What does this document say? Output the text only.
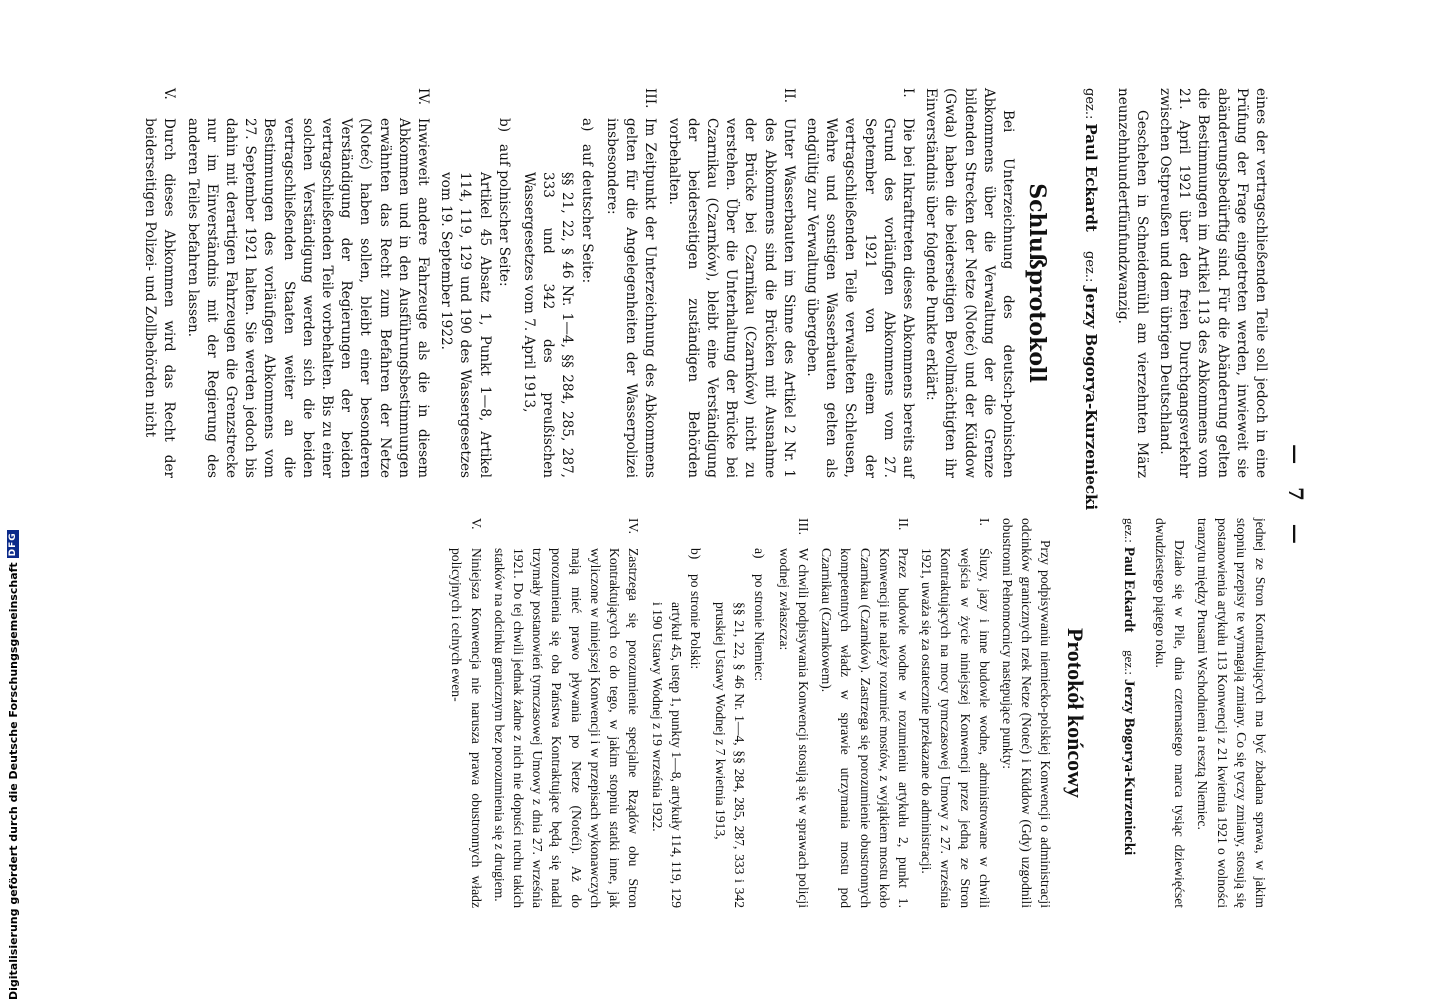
— 7 —

eines der vertragschließenden Teile soll jedoch in eine Prüfung der Frage eingetreten werden, inwieweit sie abänderungsbedürftig sind. Für die Abänderung gelten die Bestimmungen im Artikel 113 des Abkommens vom 21. April 1921 über den freien Durchgangsverkehr zwischen Ostpreußen und dem übrigen Deutschland.

Geschehen in Schneidemühl am vierzehnten März neunzehnhundertfünfundzwanzig.

gez.:Paul Eckardt gez.:Jerzy Bogorya-Kurzeniecki
Schlußprotokoll

Bei Unterzeichnung des deutsch-polnischen Abkommens über die Verwaltung der die Grenze bildenden Strecken der Netze (Noteć) und der Küddow (Gwda) haben die beiderseitigen Bevollmächtigten ihr Einverständnis über folgende Punkte erklärt:

I.
Die bei Inkrafttreten dieses Abkommens bereits auf Grund des vorläufigen Abkommens vom 27. September 1921 von einem der vertragschließenden Teile verwalteten Schleusen, Wehre und sonstigen Wasserbauten gelten als endgültig zur Verwaltung übergeben.
II.
Unter Wasserbauten im Sinne des Artikel 2 Nr. 1 des Abkommens sind die Brücken mit Ausnahme der Brücke bei Czarnikau (Czarnków) nicht zu verstehen. Über die Unterhaltung der Brücke bei Czarnikau (Czarnków), bleibt eine Verständigung der beiderseitigen zuständigen Behörden vorbehalten.
III.
Im Zeitpunkt der Unterzeichnung des Abkommens gelten für die Angelegenheiten der Wasserpolizei insbesondere:
a)
auf deutscher Seite:

§§ 21, 22, § 46 Nr. 1—4, §§ 284, 285, 287, 333 und 342 des preußischen Wassergesetzes vom 7. April 1913,

b)
auf polnischer Seite:

Artikel 45 Absatz 1, Punkt 1—8, Artikel 114, 119, 129 und 190 des Wassergesetzes vom 19. September 1922.

IV.
Inwieweit andere Fahrzeuge als die in diesem Abkommen und in den Ausführungsbestimmungen erwähnten das Recht zum Befahren der Netze (Noteć) haben sollen, bleibt einer besonderen Verständigung der Regierungen der beiden vertragschließenden Teile vorbehalten. Bis zu einer solchen Verständigung werden sich die beiden vertragschließenden Staaten weiter an die Bestimmungen des vorläufigen Abkommens vom 27. September 1921 halten. Sie werden jedoch bis dahin mit derartigen Fahrzeugen die Grenzstrecke nur im Einverständnis mit der Regierung des anderen Teiles befahren lassen.
V.
Durch dieses Abkommen wird das Recht der beiderseitigen Polizei- und Zollbehörden nicht

jednej ze Stron Kontraktujących ma być zbadana sprawa, w jakim stopniu przepisy te wymagają zmiany. Co się tyczy zmiany, stosują się postanowienia artykułu 113 Konwencji z 21 kwietnia 1921 o wolności tranzytu między Prusami Wschodniemi a resztą Niemiec.

Działo się w Pile, dnia czternastego marca tysiąc dziewięćset dwudziestego piątego roku.

gez.:Paul Eckardt gez.:Jerzy Bogorya-Kurzeniecki
Protokół końcowy

Przy podpisywaniu niemiecko-polskiej Konwencji o administracji odcinków granicznych rzek Netze (Noteć) i Küddow (Gdy) uzgodnili obustronni Pełnomocnicy następujące punkty:

I.
Śluzy, jazy i inne budowle wodne, administrowane w chwili wejścia w życie niniejszej Konwencji przez jedną ze Stron Kontraktujących na mocy tymczasowej Umowy z 27. września 1921, uważa się za ostatecznie przekazane do administracji.
II.
Przez budowle wodne w rozumieniu artykułu 2, punkt 1. Konwencji nie należy rozumieć mostów, z wyjątkiem mostu koło Czarnkau (Czarnków). Zastrzega się porozumienie obustronnych kompetentnych władz w sprawie utrzymania mostu pod Czarnikau (Czarnkowem).
III.
W chwili podpisywania Konwencji stosują się w sprawach policji wodnej zwłaszcza:
a)
po stronie Niemiec:

§§ 21, 22, § 46 Nr. 1—4, §§ 284, 285, 287, 333 i 342 pruskiej Ustawy Wodnej z 7 kwietnia 1913,

b)
po stronie Polski:

artykuł 45, ustęp 1, punkty 1—8, artykuły 114, 119, 129 i 190 Ustawy Wodnej z 19 września 1922.

IV.
Zastrzega się porozumienie specjalne Rządów obu Stron Kontraktujących co do tego, w jakim stopniu statki inne, jak wyliczone w niniejszej Konwencji i w przepisach wykonawczych mają mieć prawo pływania po Netze (Noteći). Aż do porozumienia się oba Państwa Kontraktujące będą się nadal trzymały postanowień tymczasowej Umowy z dnia 27. września 1921. Do tej chwili jednak żadne z nich nie dopuści ruchu takich statków na odcinku granicznym bez porozumienia się z drugiem.
V.
Niniejsza Konwencja nie narusza prawa obustronnych władz policyjnych i celnych ewen-
Digitalisierung gefördert durch die Deutsche Forschungsgemeinschaft
DFG
